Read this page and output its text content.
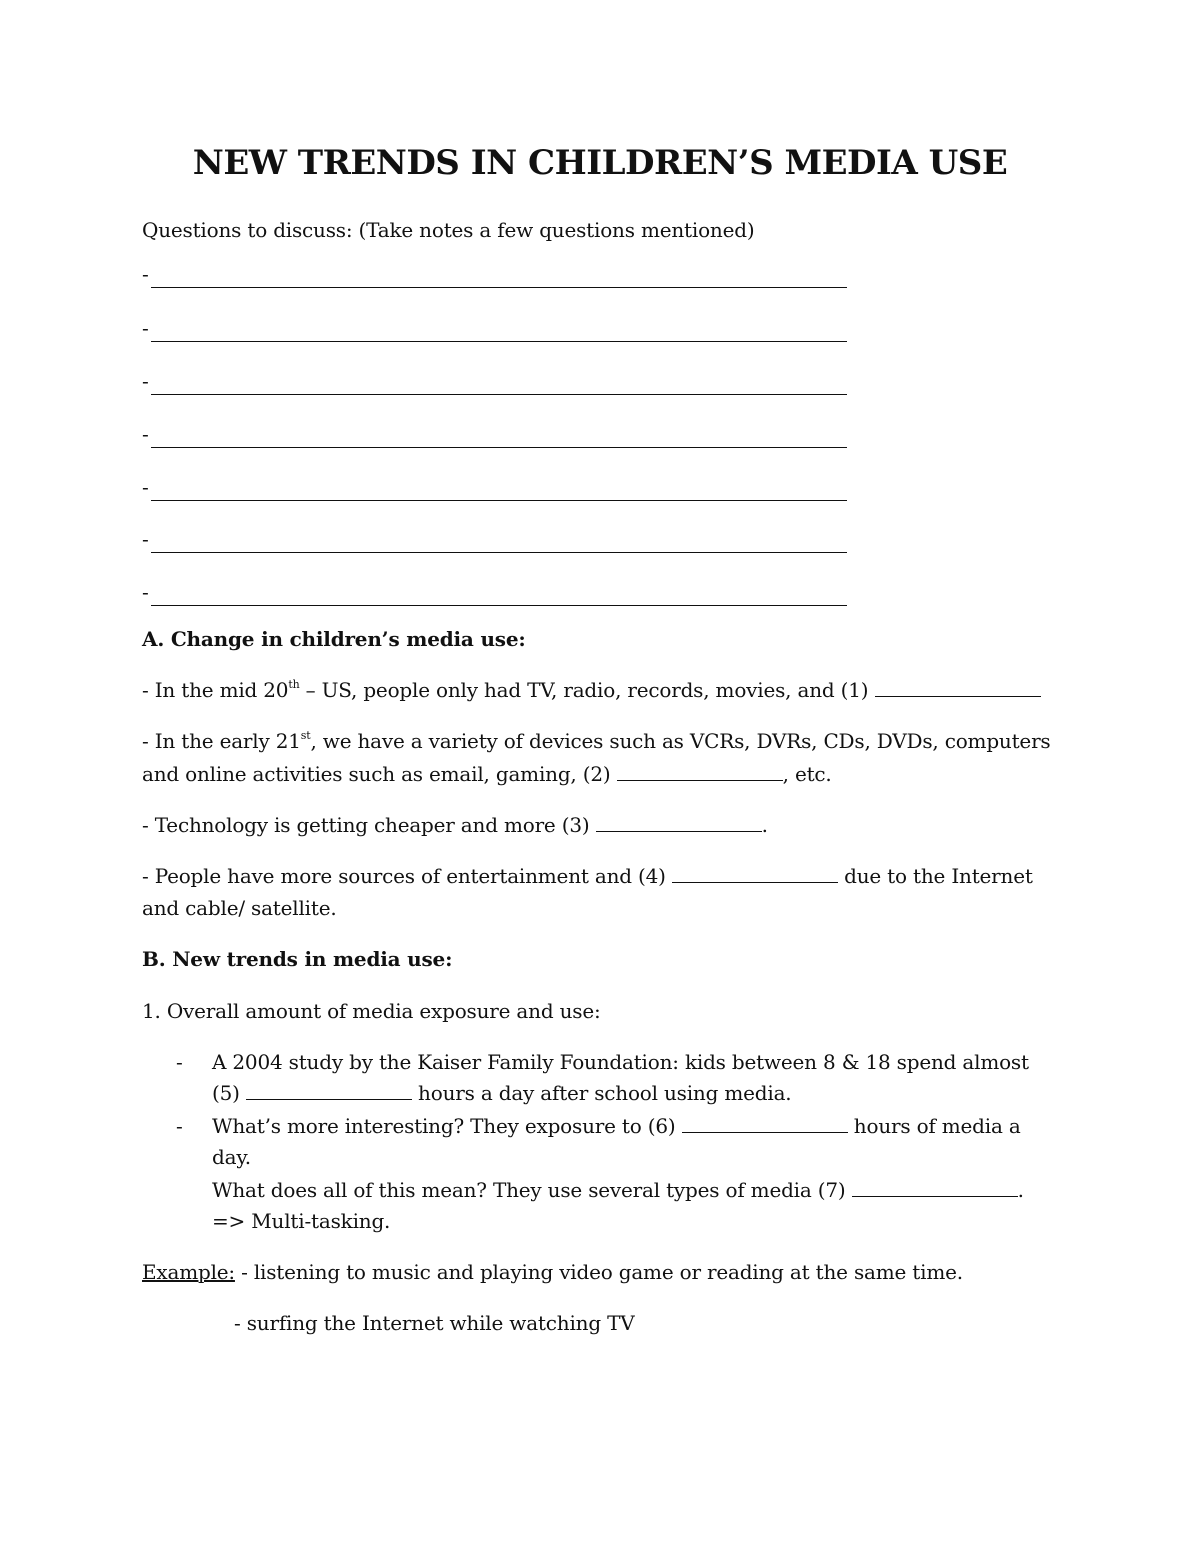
NEW TRENDS IN CHILDREN’S MEDIA USE
Questions to discuss: (Take notes a few questions mentioned)
-
-
-
-
-
-
-
A. Change in children’s media use:
- In the mid 20th – US, people only had TV, radio, records, movies, and (1)
- In the early 21st, we have a variety of devices such as VCRs, DVRs, CDs, DVDs, computers
and online activities such as email, gaming, (2)	, etc.
- Technology is getting cheaper and more (3)	.
- People have more sources of entertainment and (4)	due to the Internet
and cable/ satellite.
B. New trends in media use:
1. Overall amount of media exposure and use:
- A 2004 study by the Kaiser Family Foundation: kids between 8 & 18 spend almost
(5)	hours a day after school using media.
- What’s more interesting? They exposure to (6)	hours of media a
day.
What does all of this mean? They use several types of media (7)	.
=> Multi-tasking.
Example: - listening to music and playing video game or reading at the same time.
- surfing the Internet while watching TV
